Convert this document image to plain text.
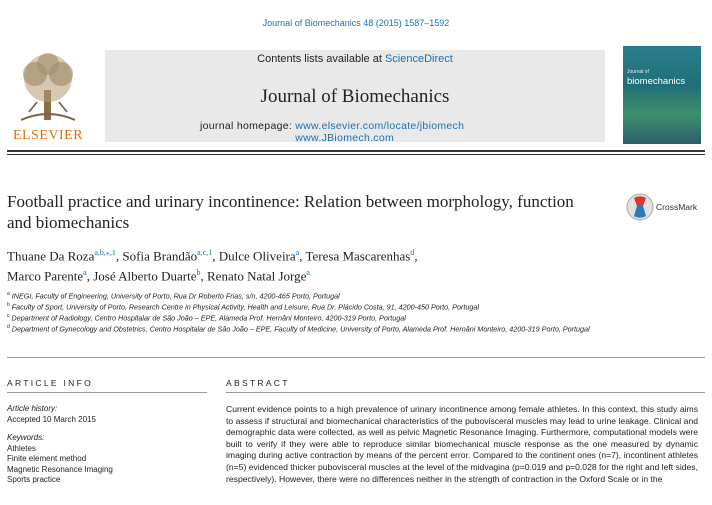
Journal of Biomechanics 48 (2015) 1587–1592
ELSEVIER
Contents lists available at ScienceDirect
Journal of Biomechanics
journal homepage: www.elsevier.com/locate/jbiomech
www.JBiomech.com
Journal of
biomechanics
Football practice and urinary incontinence: Relation between morphology, function and biomechanics
CrossMark
Thuane Da Roza$^{a,b,⁎,1}$, Sofia Brandão$^{a,c,1}$, Dulce Oliveira$^a$, Teresa Mascarenhas$^d$,
Marco Parente$^a$, José Alberto Duarte$^b$, Renato Natal Jorge$^a$
$^a$ INEGI, Faculty of Engineering, University of Porto, Rua Dr Roberto Frias, s/n, 4200-465 Porto, Portugal
$^b$ Faculty of Sport, University of Porto, Research Centre in Physical Activity, Health and Leisure, Rua Dr. Plácido Costa, 91, 4200-450 Porto, Portugal
$^c$ Department of Radiology, Centro Hospitalar de São João – EPE, Alameda Prof. Hernâni Monteiro, 4200-319 Porto, Portugal
$^d$ Department of Gynecology and Obstetrics, Centro Hospitalar de São João – EPE, Faculty of Medicine, University of Porto, Alameda Prof. Hernâni Monteiro, 4200-319 Porto, Portugal
ARTICLE INFO	ABSTRACT
Article history:
Accepted 10 March 2015
Keywords:
Athletes
Finite element method
Magnetic Resonance Imaging
Sports practice
Current evidence points to a high prevalence of urinary incontinence among female athletes. In this context, this study aims to assess if structural and biomechanical characteristics of the pubovisceral muscles may lead to urine leakage. Clinical and demographic data were collected, as well as pelvic Magnetic Resonance Imaging. Furthermore, computational models were built to verify if they were able to reproduce similar biomechanical muscle response as the one measured by dynamic imaging during active contraction by means of the percent error. Compared to the continent ones (n=7), incontinent athletes (n=5) evidenced thicker pubovisceral muscles at the level of the midvagina (p=0.019 and p=0.028 for the right and left sides, respectively). However, there were no differences neither in the strength of contraction in the Oxford Scale or in the
